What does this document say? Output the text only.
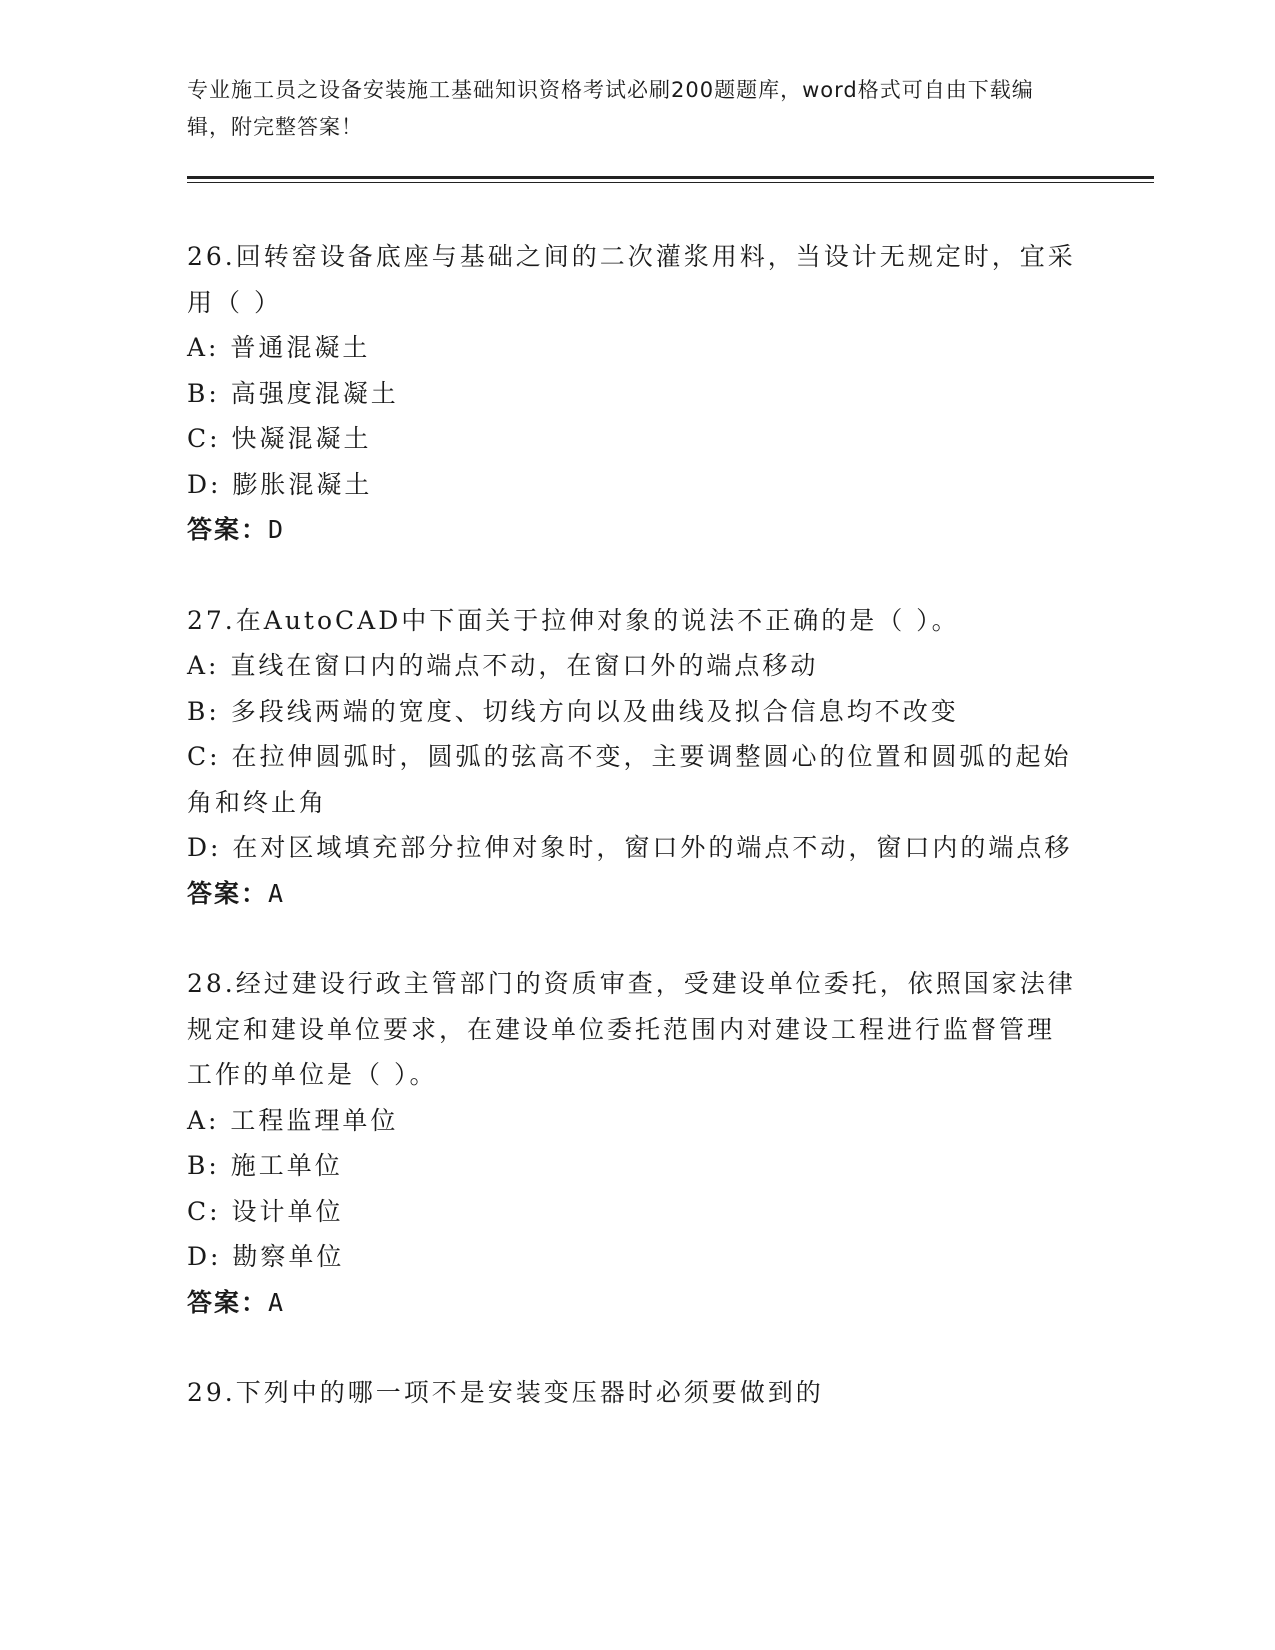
专业施工员之设备安装施工基础知识资格考试必刷200题题库，word格式可自由下载编辑，附完整答案！

26.回转窑设备底座与基础之间的二次灌浆用料，当设计无规定时，宜采用（ ）

A: 普通混凝土

B: 高强度混凝土

C: 快凝混凝土

D: 膨胀混凝土

答案：D

27.在AutoCAD中下面关于拉伸对象的说法不正确的是（ ）。

A: 直线在窗口内的端点不动，在窗口外的端点移动

B: 多段线两端的宽度、切线方向以及曲线及拟合信息均不改变

C: 在拉伸圆弧时，圆弧的弦高不变，主要调整圆心的位置和圆弧的起始角和终止角

D: 在对区域填充部分拉伸对象时，窗口外的端点不动，窗口内的端点移

答案：A

28.经过建设行政主管部门的资质审查，受建设单位委托，依照国家法律规定和建设单位要求，在建设单位委托范围内对建设工程进行监督管理工作的单位是（ ）。

A: 工程监理单位

B: 施工单位

C: 设计单位

D: 勘察单位

答案：A

29.下列中的哪一项不是安装变压器时必须要做到的
